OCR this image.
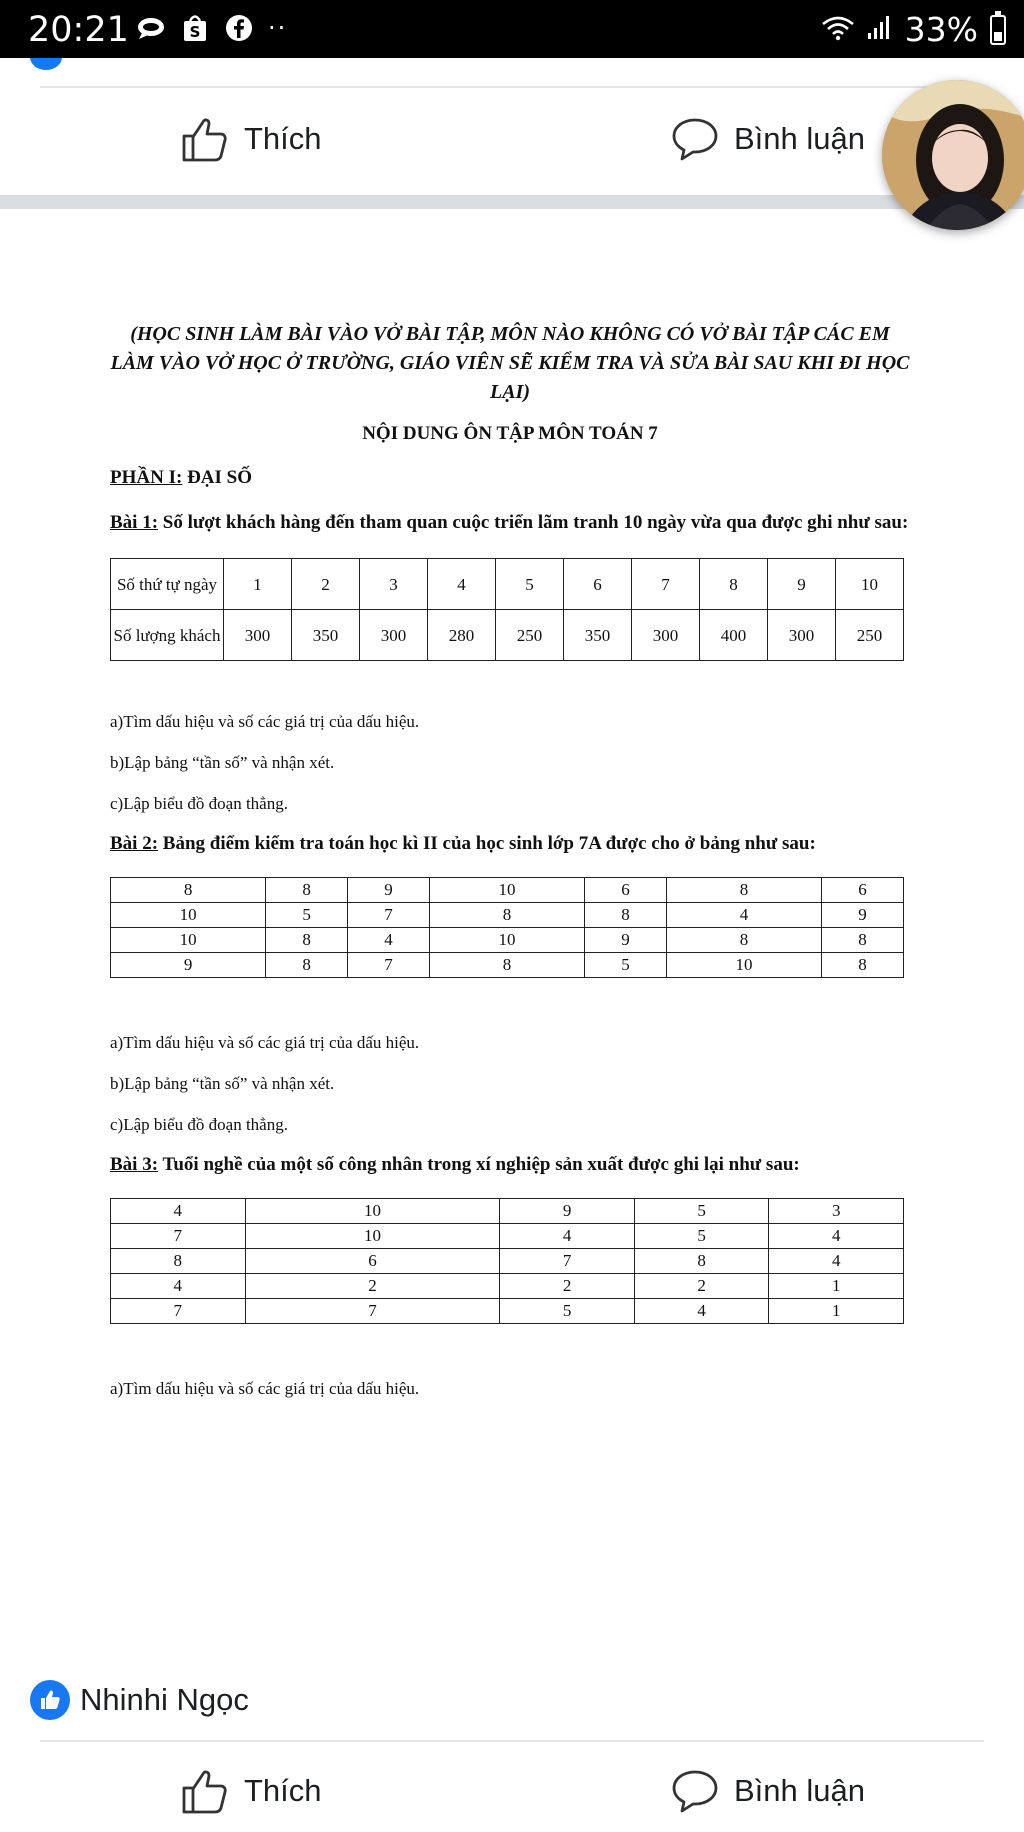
20:21	S	··	33%
Thích	Bình luận
(HỌC SINH LÀM BÀI VÀO VỞ BÀI TẬP, MÔN NÀO KHÔNG CÓ VỞ BÀI TẬP CÁC EM LÀM VÀO VỞ HỌC Ở TRƯỜNG, GIÁO VIÊN SẼ KIỂM TRA VÀ SỬA BÀI SAU KHI ĐI HỌC LẠI)
NỘI DUNG ÔN TẬP MÔN TOÁN 7
PHẦN I: ĐẠI SỐ
Bài 1: Số lượt khách hàng đến tham quan cuộc triển lãm tranh 10 ngày vừa qua được ghi như sau:
Số thứ tự ngày	1	2	3	4	5	6	7	8	9	10
Số lượng khách	300	350	300	280	250	350	300	400	300	250

a)Tìm dấu hiệu và số các giá trị của dấu hiệu.

b)Lập bảng “tần số” và nhận xét.

c)Lập biểu đồ đoạn thẳng.

Bài 2: Bảng điểm kiểm tra toán học kì II của học sinh lớp 7A được cho ở bảng như sau:
8	8	9	10	6	8	6
10	5	7	8	8	4	9
10	8	4	10	9	8	8
9	8	7	8	5	10	8

a)Tìm dấu hiệu và số các giá trị của dấu hiệu.

b)Lập bảng “tần số” và nhận xét.

c)Lập biểu đồ đoạn thẳng.

Bài 3: Tuổi nghề của một số công nhân trong xí nghiệp sản xuất được ghi lại như sau:
4	10	9	5	3
7	10	4	5	4
8	6	7	8	4
4	2	2	2	1
7	7	5	4	1

a)Tìm dấu hiệu và số các giá trị của dấu hiệu.

Nhinhi Ngọc
Thích	Bình luận
